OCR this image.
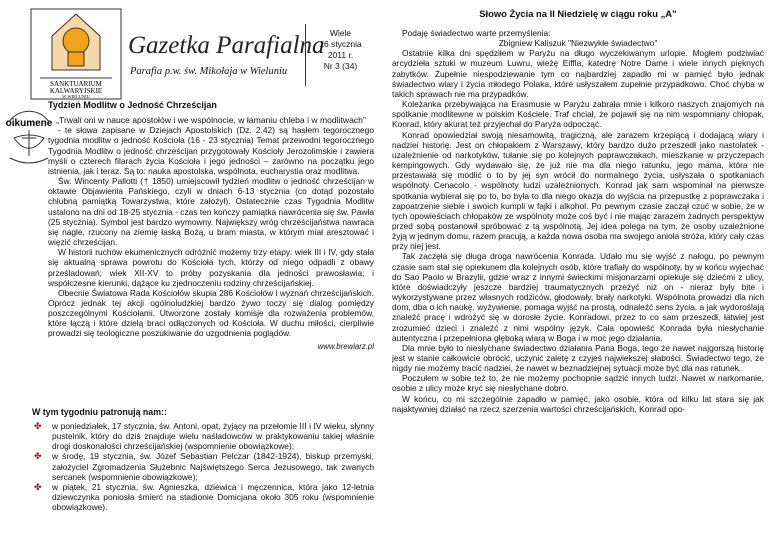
SANKTUARIUM
KALWARYJSKIE
W WIELUNIU
Gazetka Parafialna
Parafia p.w. św. Mikołaja w Wieluniu
Wiele
16 stycznia
2011 r.
Nr 3 (34)
oikumene

Tydzień Modlitw o Jedność Chrześcijan

„Trwali oni w nauce apostołów i we wspólnocie, w łamaniu chleba i w modlitwach”

- te słowa zapisane w Dziejach Apostolskich (Dz. 2.42) są hasłem tegorocznego tygodnia modlitw o jedność Kościoła (16 - 23 stycznia) Temat przewodni tegorocznego Tygodnia Modlitw o jedność chrześcijan przygotowały Kościoły Jerozolimskie i zawiera myśli o czterech filarach życia Kościoła i jego jedności – zarówno na początku jego istnienia, jak i teraz. Są to: nauka apostolska, wspólnota, eucharystia oraz modlitwa.

Św. Wincenty Pallotti († 1850) umiejscowił tydzień modlitw o jedność chrześcijan w oktawie Objawienia Pańskiego, czyli w dniach 6-13 stycznia (co dotąd pozostało chlubną pamiątką Towarzystwa, które założył). Ostatecznie czas Tygodnia Modlitw ustalono na dni od 18-25 stycznia - czas ten kończy pamiątka nawrócenia się św. Pawła (25 stycznia). Symbol jest bardzo wymowny. Największy wróg chrześcijaństwa nawraca się nagle, rzucony na ziemię łaską Bożą, u bram miasta, w którym miał aresztować i więzić chrześcijan.

W historii ruchów ekumenicznych odróżnić możemy trzy etapy: wiek III i IV, gdy stała się aktualną sprawa powrotu do Kościoła tych, którzy od niego odpadli z obawy prześladowań; wiek XII-XV to próby pozyskania dla jedności prawosławia; i współczesne kierunki, dążące ku zjednoczeniu rodziny chrześcijańskiej.

Obecnie Światowa Rada Kościołów skupia 286 Kościołów i wyznań chrześcijańskich. Oprócz jednak tej akcji ogólnoludzkiej bardzo żywo toczy się dialog pomiędzy poszczególnymi Kościołami. Utworzone zostały komisje dla rozważenia problemów, które łączą i które dzielą braci odłączonych od Kościoła. W duchu miłości, cierpliwie prowadzi się teologiczne poszukiwanie do uzgodnienia poglądów.

www.brewiarz.pl

W tym tygodniu patronują nam::
✤ w poniedziałek, 17 stycznia, św. Antoni, opat, żyjący na przełomie III i IV wieku, słynny pustelnik, który do dziś znajduje wielu naśladowców w praktykowaniu takiej właśnie drogi doskonałości chrześcijańskiej (wspomnienie obowiązkowe);
✤ w środę, 19 stycznia, św. Józef Sebastian Pelczar (1842-1924), biskup przemyski, założyciel Zgromadzenia Służebnic Najświętszego Serca Jezusowego, tak zwanych sercanek (wspomnienie obowiązkowe);
✤ w piątek, 21 stycznia, św. Agnieszka, dziewica i męczennica, która jako 12-letnia dziewczynka poniosła śmierć na stadionie Domicjana około 305 roku (wspomnienie obowiązkowe).
Słowo Życia na II Niedzielę w ciągu roku „A”

Podaję świadectwo warte przemyślenia:

Zbigniew Kaliszuk "Niezwykłe świadectwo"

Ostatnie kilka dni spędziłem w Paryżu na długo wyczekiwanym urlopie. Mogłem podziwiać arcydzieła sztuki w muzeum Luwru, wieżę Eiffla, katedrę Notre Dame i wiele innych pięknych zabytków. Żupełnie niespodziewanie tym co najbardziej zapadło mi w pamięć było jednak świadectwo wiary i życia młodego Polaka, które usłyszałem zupełnie przypadkowo. Choć chyba w takich sprawach nie ma przypadków.

Koleżanka przebywająca na Erasmusie w Paryżu zabrała mnie i kilkoro naszych znajomych na spotkanie modlitewne w polskim Kościele. Traf chciał, że pojawił się na nim wspomniany chłopak, Konrad, który akurat też przyjechał do Paryża odpocząć.

Konrad opowiedział swoją niesamowitą, tragiczną, ale zarazem krzepiącą i dodającą wiary i nadziei historię. Jest on chłopakiem z Warszawy, który bardzo dużo przeszedł jako nastolatek - uzależnienie od narkotyków, tułanie się po kolejnych poprawczakach, mieszkanie w przyczepach kempingowych. Gdy wydawało się, że już nie ma dla niego ratunku, jego mama, która nie przestawała się modlić o to by jej syn wrócił do normalnego życia, usłyszała o spotkaniach wspólnoty Cenacolo - wspólnoty ludzi uzależnionych. Konrad jak sam wspominał na pierwsze spotkania wybierał się po to, bo była to dla niego okazja do wyjścia na przepustkę z poprawczaka i zapoatrzenie siebie i swoich kumpli w fajki i alkohol. Po pewnym czasie zaczął czuć w sobie, że w tych opowieściach chłopaków ze wspólnoty może coś być i nie mając zarazem żadnych perspektyw przed sobą postanowił spróbować z tą wspólnotą. Jej idea polega na tym, że osoby uzależnione żyją w jednym domu, razem pracują, a każda nowa osoba ma swojego anioła stróża, który cały czas przy niej jest.

Tak zaczęła się długa droga nawrócenia Konrada. Udało mu się wyjść z nałogu, po pewnym czasie sam stał się opiekunem dla kolejnych osób, które trafiały do wspólnoty, by w końcu wyjechać do Sao Paolo w Brazylii, gdzie wraz z innymi świeckimi misjonarzami opiekuje się dziećmi z ulicy, które doświadczyły jeszcze bardziej traumatycznych przeżyć niż on - nieraz były bite i wykorzystywane przez własnych rodziców, głodowały, brały narkotyki. Wspólnota prowadzi dla nich dom, dba o ich naukę, wyżywienie, pomaga wyjść na prostą, odnaleźć sens życia, a jak wydoroślają znaleźć pracę i wdrożyć się w dorosłe życie. Konradowi, przez to co sam przeszedł, łatwiej jest zrozumieć dzieci i znaleźć z nimi wspólny język. Cała opowieść Konrada była niesłychanie autentyczna i przepełniona głęboką wiarą w Boga i w moc jego działania.

Dla mnie było to niesłychane świadectwo działania Pana Boga, tego że nawet najgorszą historię jest w stanie całkowicie obrócić, uczynić zaletę z czyjeś najwiekszej słabości. Świadectwo tego, że nigdy nie możemy tracić nadziei, że nawet w beznadziejnej sytuacji może być dla nas ratunek.

Poczułem w sobie też to, że nie możemy pochopnie sądzić innych ludzi. Nawet w narkomanie, osobie z ulicy może kryć się niesłychane dobro.

W końcu, co mi szczególnie zapadło w pamięć, jako osobie, która od kilku lat stara się jak najaktywniej działać na rzecz szerzenia wartości chrześcijańskich, Konrad opo-
